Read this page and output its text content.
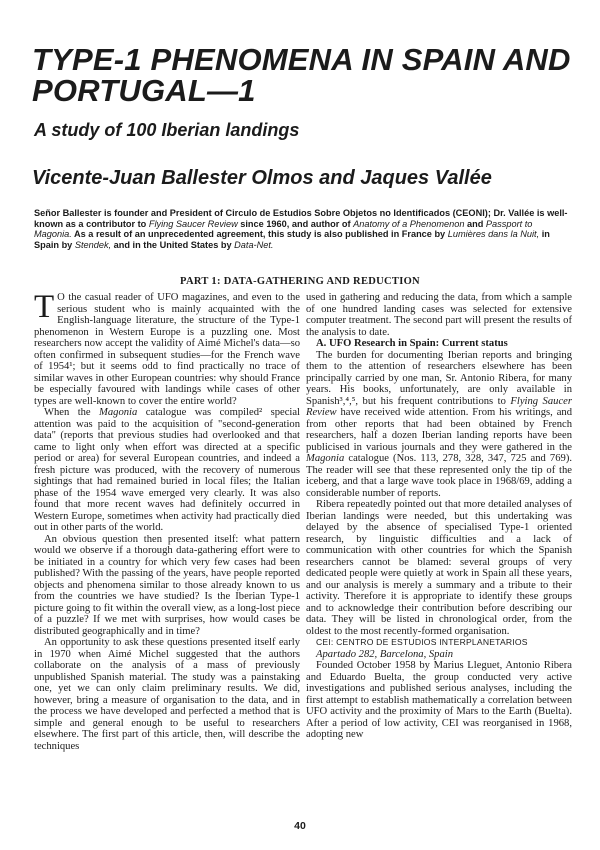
TYPE-1 PHENOMENA IN SPAIN AND
PORTUGAL—1
A study of 100 Iberian landings
Vicente-Juan Ballester Olmos and Jaques Vallée

Señor Ballester is founder and President of Circulo de Estudios Sobre Objetos no Identificados (CEONI); Dr. Vallée is well-known as a contributor to Flying Saucer Review since 1960, and author of Anatomy of a Phenomenon and Passport to Magonia. As a result of an unprecedented agreement, this study is also published in France by Lumières dans la Nuit, in Spain by Stendek, and in the United States by Data-Net.

PART 1: DATA-GATHERING AND REDUCTION

T O the casual reader of UFO magazines, and even to the serious student who is mainly acquainted with the English-language literature, the structure of the Type-1 phenomenon in Western Europe is a puzzling one. Most researchers now accept the validity of Aimé Michel's data—so often confirmed in subsequent studies—for the French wave of 1954¹; but it seems odd to find practically no trace of similar waves in other European countries: why should France be especially favoured with landings while cases of other types are well-known to cover the entire world?

When the Magonia catalogue was compiled² special attention was paid to the acquisition of "second-generation data" (reports that previous studies had overlooked and that came to light only when effort was directed at a specific period or area) for several European countries, and indeed a fresh picture was produced, with the recovery of numerous sightings that had remained buried in local files; the Italian phase of the 1954 wave emerged very clearly. It was also found that more recent waves had definitely occurred in Western Europe, sometimes when activity had practically died out in other parts of the world.

An obvious question then presented itself: what pattern would we observe if a thorough data-gathering effort were to be initiated in a country for which very few cases had been published? With the passing of the years, have people reported objects and phenomena similar to those already known to us from the countries we have studied? Is the Iberian Type-1 picture going to fit within the overall view, as a long-lost piece of a puzzle? If we met with surprises, how would cases be distributed geographically and in time?

An opportunity to ask these questions presented itself early in 1970 when Aimé Michel suggested that the authors collaborate on the analysis of a mass of previously unpublished Spanish material. The study was a painstaking one, yet we can only claim preliminary results. We did, however, bring a measure of organisation to the data, and in the process we have developed and perfected a method that is simple and general enough to be useful to researchers elsewhere. The first part of this article, then, will describe the techniques

used in gathering and reducing the data, from which a sample of one hundred landing cases was selected for extensive computer treatment. The second part will present the results of the analysis to date.

A. UFO Research in Spain: Current status

The burden for documenting Iberian reports and bringing them to the attention of researchers elsewhere has been principally carried by one man, Sr. Antonio Ribera, for many years. His books, unfortunately, are only available in Spanish³,⁴,⁵, but his frequent contributions to Flying Saucer Review have received wide attention. From his writings, and from other reports that had been obtained by French researchers, half a dozen Iberian landing reports have been publicised in various journals and they were gathered in the Magonia catalogue (Nos. 113, 278, 328, 347, 725 and 769). The reader will see that these represented only the tip of the iceberg, and that a large wave took place in 1968/69, adding a considerable number of reports.

Ribera repeatedly pointed out that more detailed analyses of Iberian landings were needed, but this undertaking was delayed by the absence of specialised Type-1 oriented research, by linguistic difficulties and a lack of communication with other countries for which the Spanish researchers cannot be blamed: several groups of very dedicated people were quietly at work in Spain all these years, and our analysis is merely a summary and a tribute to their activity. Therefore it is appropriate to identify these groups and to acknowledge their contribution before describing our data. They will be listed in chronological order, from the oldest to the most recently-formed organisation.

CEI: CENTRO DE ESTUDIOS INTERPLANETARIOS

Apartado 282, Barcelona, Spain

Founded October 1958 by Marius Lleguet, Antonio Ribera and Eduardo Buelta, the group conducted very active investigations and published serious analyses, including the first attempt to establish mathematically a correlation between UFO activity and the proximity of Mars to the Earth (Buelta). After a period of low activity, CEI was reorganised in 1968, adopting new

40
